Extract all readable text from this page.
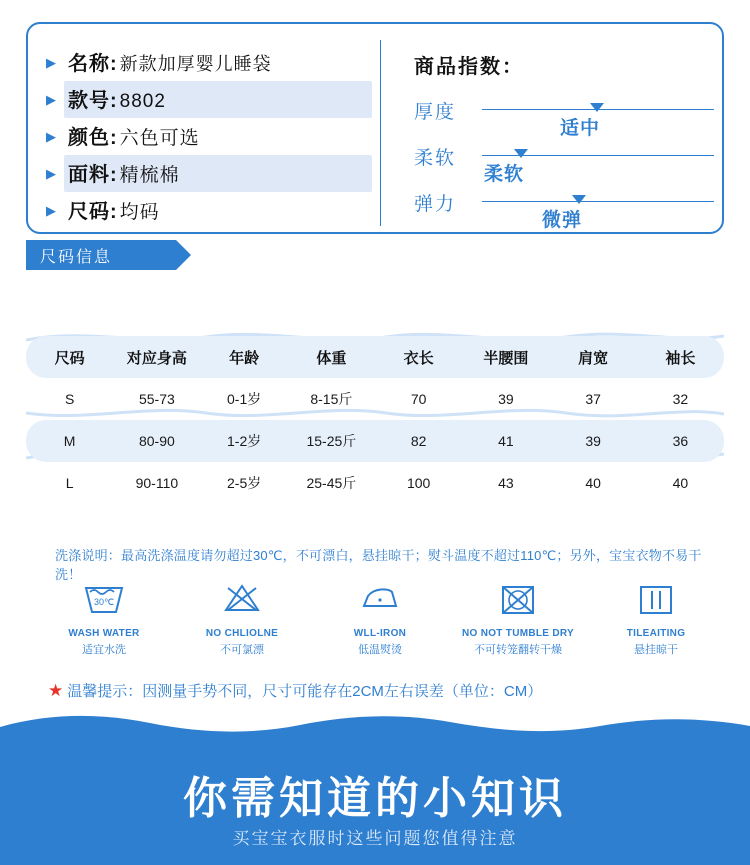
▶ 名称: 新款加厚婴儿睡袋
▶ 款号: 8802
▶ 颜色: 六色可选
▶ 面料: 精梳棉
▶ 尺码: 均码
商品指数：
厚度
适中
柔软
柔软
弹力
微弹
尺码信息
尺码	对应身高	年龄	体重	衣长	半腰围	肩宽	袖长
S	55-73	0-1岁	8-15斤	70	39	37	32
M	80-90	1-2岁	15-25斤	82	41	39	36
L	90-110	2-5岁	25-45斤	100	43	40	40
洗涤说明：最高洗涤温度请勿超过30℃，不可漂白，悬挂晾干；熨斗温度不超过110℃；另外，宝宝衣物不易干洗！
30℃
WASH WATER
适宜水洗
NO CHLIOLNE
不可氯漂
WLL-IRON
低温熨烫
NO NOT TUMBLE DRY
不可转笼翻转干燥
TILEAITING
悬挂晾干
★ 温馨提示：因测量手势不同，尺寸可能存在2CM左右误差（单位：CM）
你需知道的小知识
买宝宝衣服时这些问题您值得注意
